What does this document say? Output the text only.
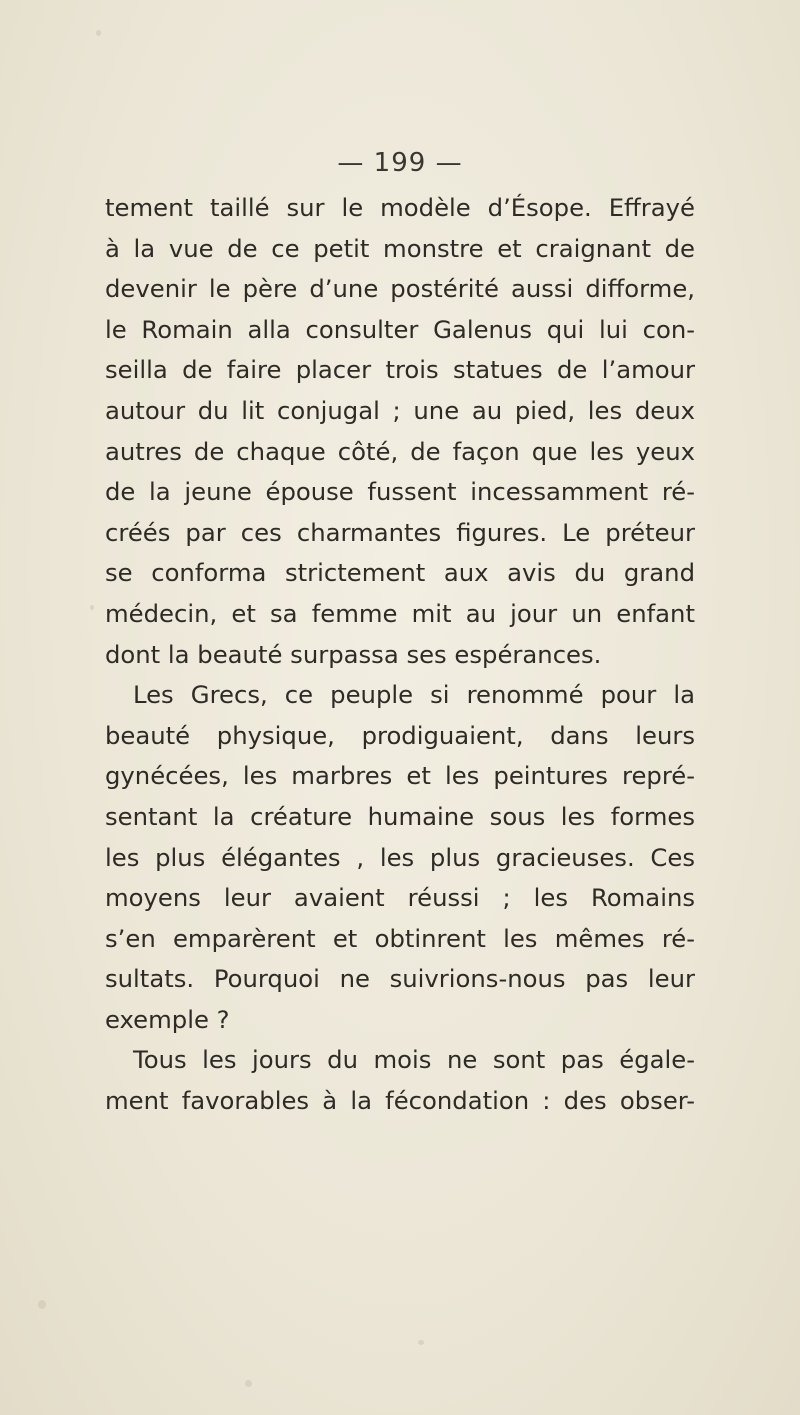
— 199 —
tement taillé sur le modèle d’Ésope. Effrayé
à la vue de ce petit monstre et craignant de
devenir le père d’une postérité aussi difforme,
le Romain alla consulter Galenus qui lui con-
seilla de faire placer trois statues de l’amour
autour du lit conjugal ; une au pied, les deux
autres de chaque côté, de façon que les yeux
de la jeune épouse fussent incessamment ré-
créés par ces charmantes figures. Le préteur
se conforma strictement aux avis du grand
médecin, et sa femme mit au jour un enfant
dont la beauté surpassa ses espérances.
Les Grecs, ce peuple si renommé pour la
beauté physique, prodiguaient, dans leurs
gynécées, les marbres et les peintures repré-
sentant la créature humaine sous les formes
les plus élégantes , les plus gracieuses. Ces
moyens leur avaient réussi ; les Romains
s’en emparèrent et obtinrent les mêmes ré-
sultats. Pourquoi ne suivrions-nous pas leur
exemple ?
Tous les jours du mois ne sont pas égale-
ment favorables à la fécondation : des obser-
